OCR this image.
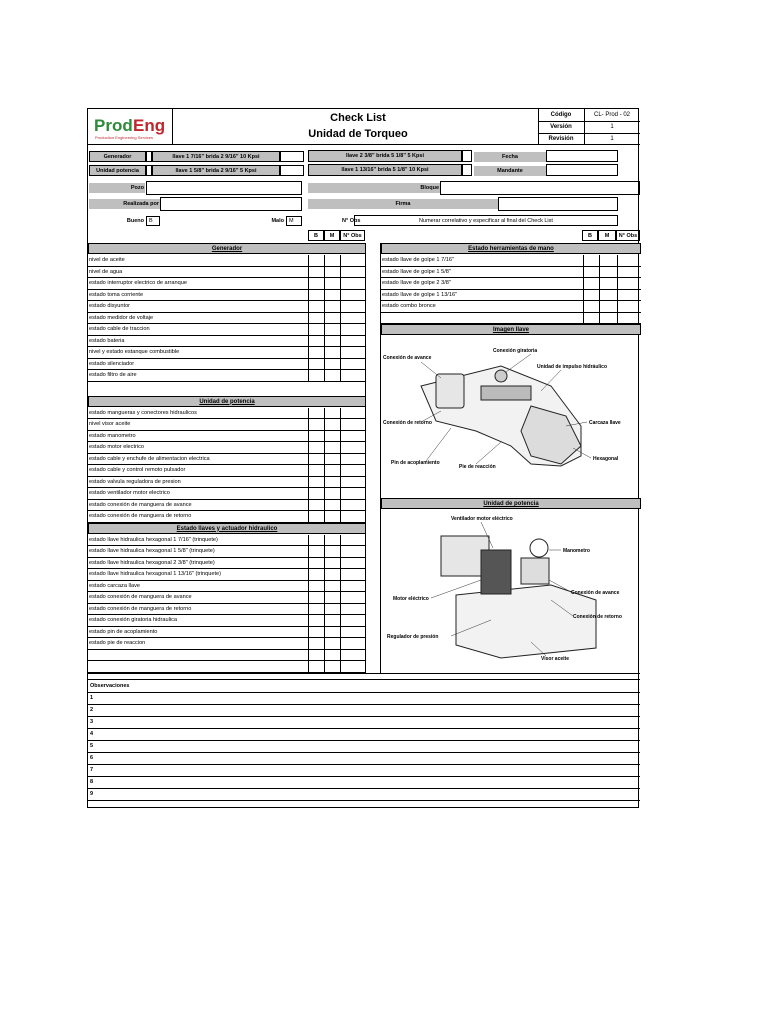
Prod Eng
Production Engineering Services
Check List
Unidad de Torqueo
Código	CL- Prod - 02
Versión	1
Revisión	1
Generador	llave 1 7/16" brida 2 9/16" 10 Kpsi	llave 2 3/8" brida 5 1/8" 5 Kpsi	Fecha
Unidad potencia	llave 1 5/8" brida 2 9/16" 5 Kpsi	llave 1 13/16" brida 5 1/8" 10 Kpsi	Mandante
Pozo	Bloque
Realizada por	Firma
Bueno B	Malo M	N° Obs	Numerar correlativo y especificar al final del Check List
B	M	N° Obs	B	M	N° Obs
Generador
nivel de aceite
nivel de agua
estado interruptor electrico de arranque
estado toma corriente
estado disyuntor
estado medidor de voltaje
estado cable de traccion
estado bateria
nivel y estado estanque combustible
estado silenciador
estado filtro de aire
Unidad de potencia
estado mangueras y conectores hidraulicos
nivel visor aceite
estado manometro
estado motor electrico
estado cable y enchufe de alimentacion electrica
estado cable y control remoto pulsador
estado valvula reguladora de presion
estado ventilador motor electrico
estado conexión de manguera de avance
estado conexión de manguera de retorno
Estado llaves y actuador hidraulico
estado llave hidraulica hexagonal 1 7/16" (trinquete)
estado llave hidraulica hexagonal 1 5/8" (trinquete)
estado llave hidraulica hexagonal 2 3/8" (trinquete)
estado llave hidraulica hexagonal 1 13/16" (trinquete)
estado carcaza llave
estado conexión de manguera de avance
estado conexión de manguera de retorno
estado conexión giratoria hidraulica
estado pin de acoplamiento
estado pie de reaccion
Estado herramientas de mano
estado llave de golpe 1 7/16"
estado llave de golpe 1 5/8"
estado llave de golpe 2 3/8"
estado llave de golpe 1 13/16"
estado combo bronce
Imagen llave
Conexión de avance
Conexión giratoria
Unidad de impulso hidráulico
Conexión de retorno	Carcaza llave
Hexagonal
Pin de acoplamiento
Pie de reacción
Unidad de potencia
Ventilador motor eléctrico
Manometro
Conexión de avance
Motor eléctrico
Conexión de retorno
Regulador de presión
Visor aceite
Observaciones
1
2
3
4
5
6
7
8
9
